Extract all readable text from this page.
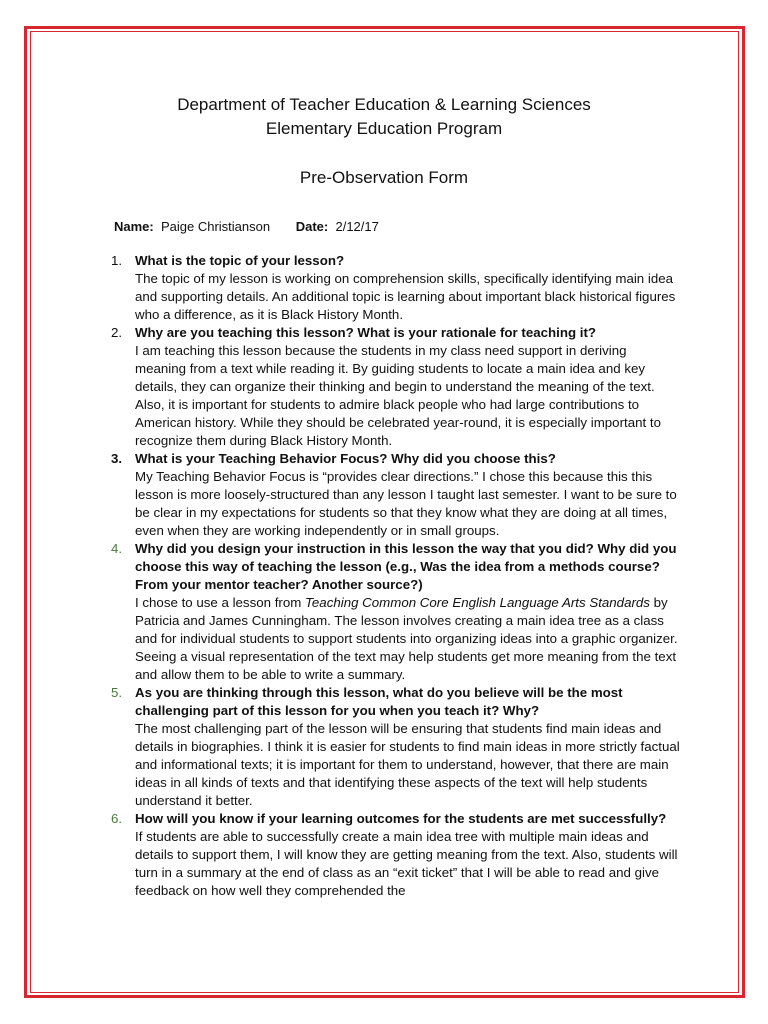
Department of Teacher Education & Learning Sciences
Elementary Education Program
Pre-Observation Form
Name: Paige Christianson Date: 2/12/17
1. What is the topic of your lesson?
The topic of my lesson is working on comprehension skills, specifically identifying main idea and supporting details. An additional topic is learning about important black historical figures who a difference, as it is Black History Month.
2. Why are you teaching this lesson? What is your rationale for teaching it?
I am teaching this lesson because the students in my class need support in deriving meaning from a text while reading it. By guiding students to locate a main idea and key details, they can organize their thinking and begin to understand the meaning of the text. Also, it is important for students to admire black people who had large contributions to American history. While they should be celebrated year-round, it is especially important to recognize them during Black History Month.
3. What is your Teaching Behavior Focus? Why did you choose this?
My Teaching Behavior Focus is “provides clear directions.” I chose this because this this lesson is more loosely-structured than any lesson I taught last semester. I want to be sure to be clear in my expectations for students so that they know what they are doing at all times, even when they are working independently or in small groups.
4. Why did you design your instruction in this lesson the way that you did? Why did you choose this way of teaching the lesson (e.g., Was the idea from a methods course? From your mentor teacher? Another source?)
I chose to use a lesson from Teaching Common Core English Language Arts Standards by Patricia and James Cunningham. The lesson involves creating a main idea tree as a class and for individual students to support students into organizing ideas into a graphic organizer. Seeing a visual representation of the text may help students get more meaning from the text and allow them to be able to write a summary.
5. As you are thinking through this lesson, what do you believe will be the most challenging part of this lesson for you when you teach it? Why?
The most challenging part of the lesson will be ensuring that students find main ideas and details in biographies. I think it is easier for students to find main ideas in more strictly factual and informational texts; it is important for them to understand, however, that there are main ideas in all kinds of texts and that identifying these aspects of the text will help students understand it better.
6. How will you know if your learning outcomes for the students are met successfully?
If students are able to successfully create a main idea tree with multiple main ideas and details to support them, I will know they are getting meaning from the text. Also, students will turn in a summary at the end of class as an “exit ticket” that I will be able to read and give feedback on how well they comprehended the
